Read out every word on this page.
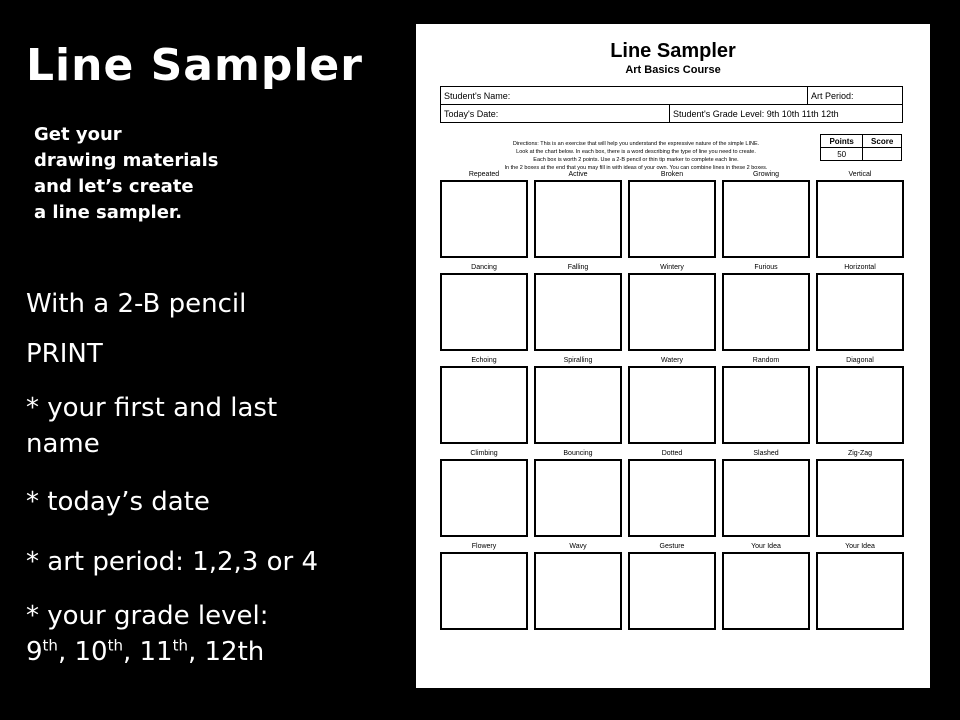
Line Sampler
Get your
drawing materials
and let’s create
a line sampler.
With a 2-B pencil
PRINT
* your first and last
name
* today’s date
* art period: 1,2,3 or 4
* your grade level:
9th, 10th, 11th, 12th
Line Sampler
Art Basics Course
Student's Name:		Art Period:
Today's Date:	Student's Grade Level: 9th 10th 11th 12th	
Directions: This is an exercise that will help you understand the expressive nature of the simple LINE.
Look at the chart below. In each box, there is a word describing the type of line you need to create.
Each box is worth 2 points. Use a 2-B pencil or thin tip marker to complete each line.
In the 2 boxes at the end that you may fill in with ideas of your own. You can combine lines in these 2 boxes.
Points	Score
50	
Repeated	Active	Broken	Growing	Vertical
Dancing	Falling	Wintery	Furious	Horizontal
Echoing	Spiralling	Watery	Random	Diagonal
Climbing	Bouncing	Dotted	Slashed	Zig-Zag
Flowery	Wavy	Gesture	Your Idea	Your Idea
